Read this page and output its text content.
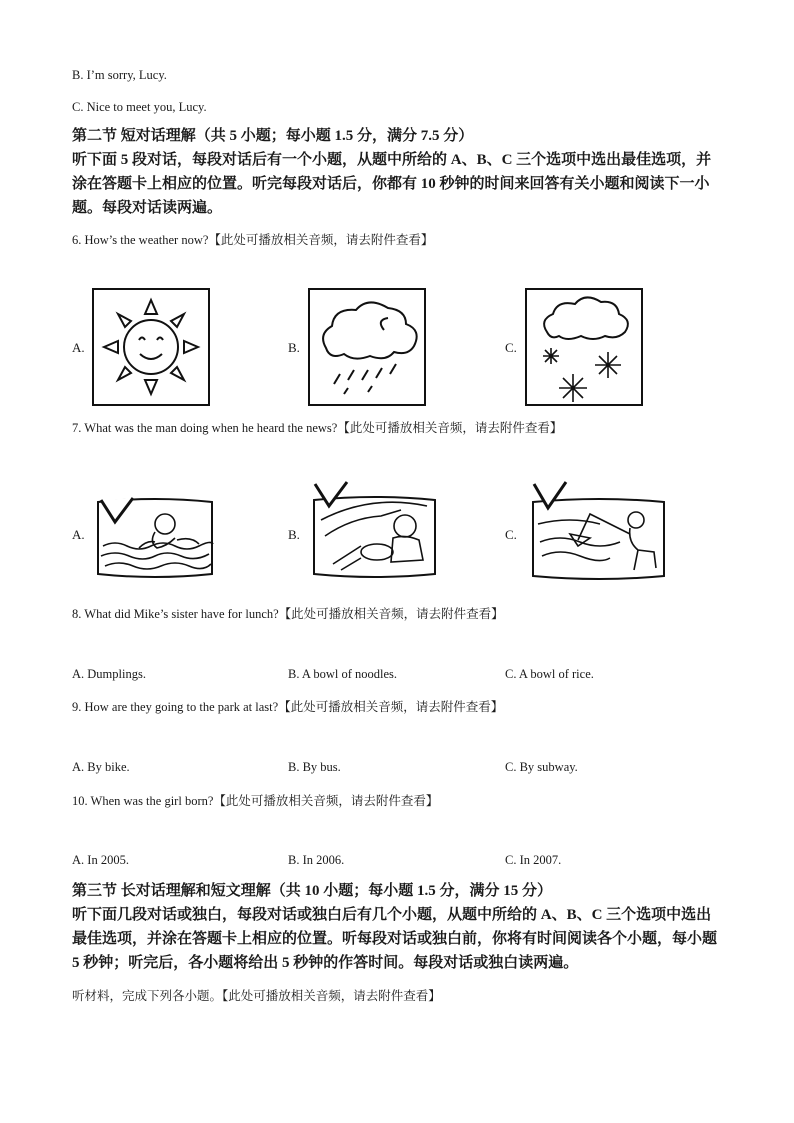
B. I’m sorry, Lucy.
C. Nice to meet you, Lucy.
第二节 短对话理解（共 5 小题；每小题 1.5 分，满分 7.5 分）
听下面 5 段对话，每段对话后有一个小题，从题中所给的 A、B、C 三个选项中选出最佳选项，并涂在答题卡上相应的位置。听完每段对话后，你都有 10 秒钟的时间来回答有关小题和阅读下一小题。每段对话读两遍。
6. How’s the weather now?【此处可播放相关音频，请去附件查看】
A.	B.	C.
7. What was the man doing when he heard the news?【此处可播放相关音频，请去附件查看】
A.	B.	C.
8. What did Mike’s sister have for lunch?【此处可播放相关音频，请去附件查看】
A. Dumplings.	B. A bowl of noodles.	C. A bowl of rice.
9. How are they going to the park at last?【此处可播放相关音频，请去附件查看】
A. By bike.	B. By bus.	C. By subway.
10. When was the girl born?【此处可播放相关音频，请去附件查看】
A. In 2005.	B. In 2006.	C. In 2007.
第三节 长对话理解和短文理解（共 10 小题；每小题 1.5 分，满分 15 分）
听下面几段对话或独白，每段对话或独白后有几个小题，从题中所给的 A、B、C 三个选项中选出最佳选项，并涂在答题卡上相应的位置。听每段对话或独白前，你将有时间阅读各个小题，每小题 5 秒钟；听完后，各小题将给出 5 秒钟的作答时间。每段对话或独白读两遍。
听材料，完成下列各小题。【此处可播放相关音频，请去附件查看】
